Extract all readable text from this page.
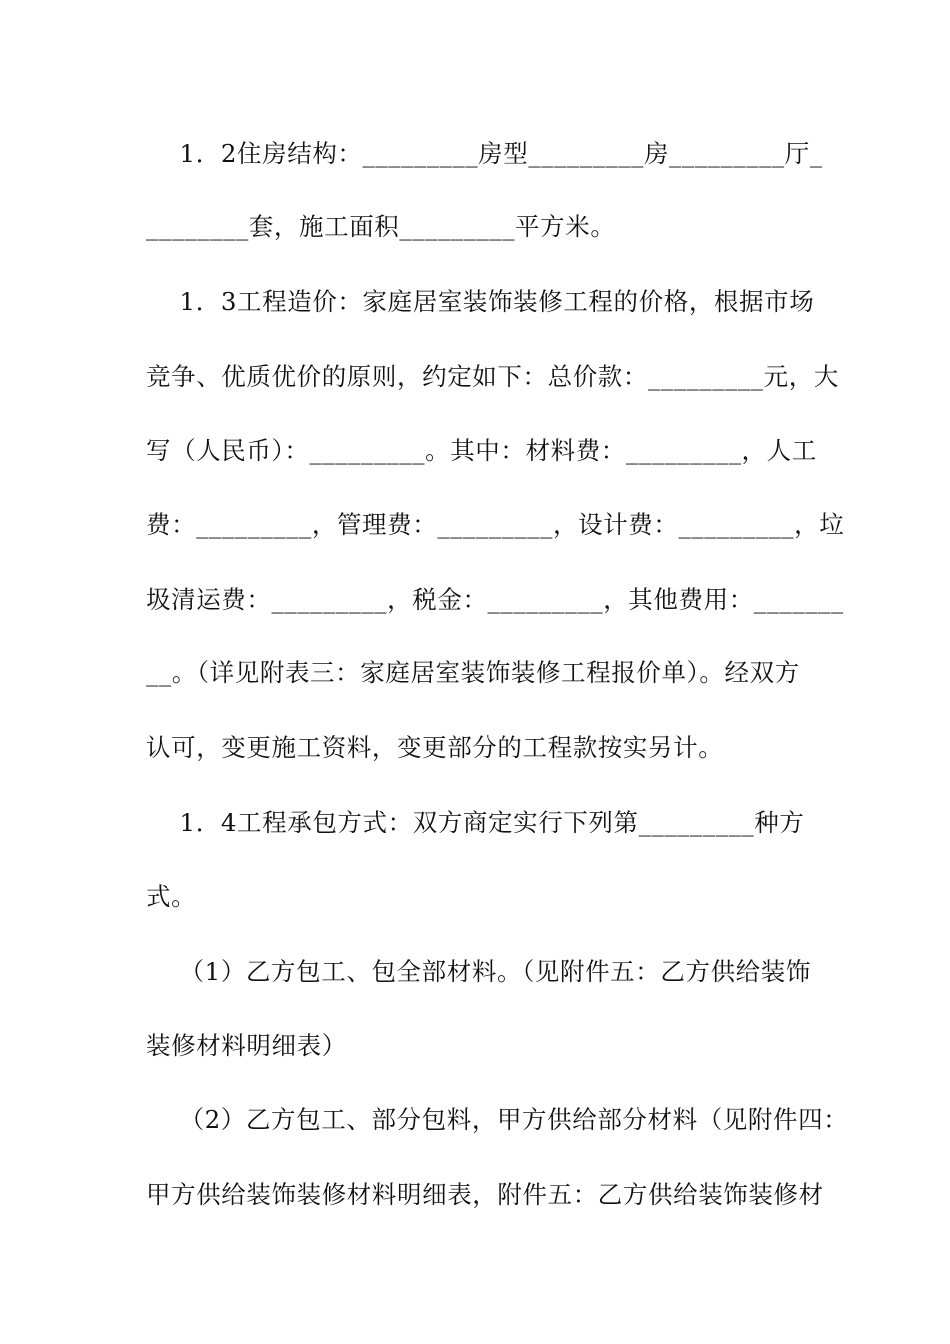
1．2住房结构：_________房型_________房_________厅_
________套，施工面积_________平方米。
1．3工程造价：家庭居室装饰装修工程的价格，根据市场
竞争、优质优价的原则，约定如下：总价款：_________元，大
写（人民币）：_________。其中：材料费：_________，人工
费：_________，管理费：_________，设计费：_________，垃
圾清运费：_________，税金：_________，其他费用：_______
__。（详见附表三：家庭居室装饰装修工程报价单）。经双方
认可，变更施工资料，变更部分的工程款按实另计。
1．4工程承包方式：双方商定实行下列第_________种方
式。
（1）乙方包工、包全部材料。（见附件五：乙方供给装饰
装修材料明细表）
（2）乙方包工、部分包料，甲方供给部分材料（见附件四：
甲方供给装饰装修材料明细表，附件五：乙方供给装饰装修材
